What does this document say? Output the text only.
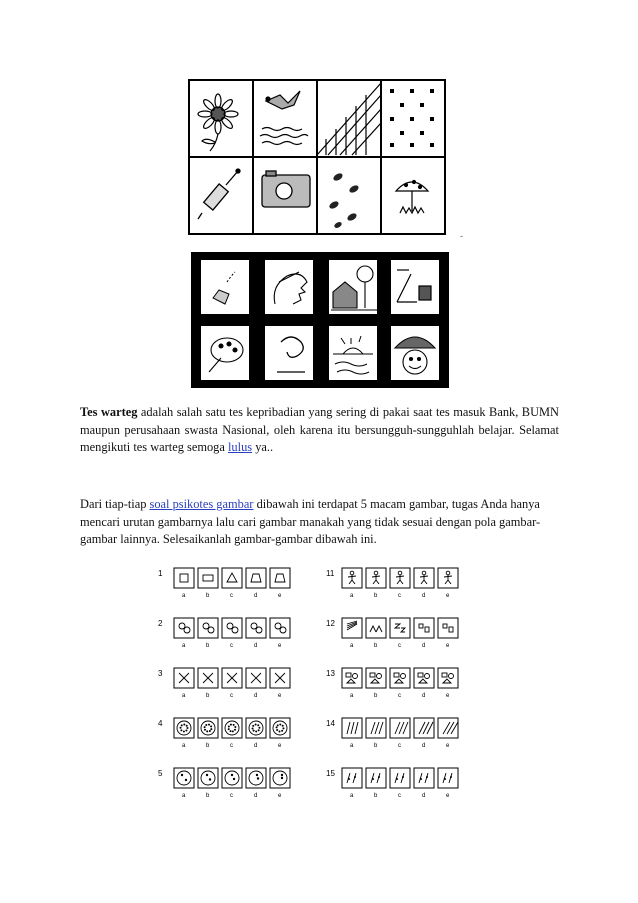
-
Tes warteg adalah salah satu tes kepribadian yang sering di pakai saat tes masuk Bank, BUMN maupun perusahaan swasta Nasional, oleh karena itu bersungguh-sungguhlah belajar. Selamat mengikuti tes warteg semoga lulus ya..
Dari tiap-tiap soal psikotes gambar dibawah ini terdapat 5 macam gambar, tugas Anda hanya mencari urutan gambarnya lalu cari gambar manakah yang tidak sesuai dengan pola gambar-gambar lainnya. Selesaikanlah gambar-gambar dibawah ini.
1
a	b	c	d	e
2
a	b	c	d	e
3
a	b	c	d	e
4
a	b	c	d	e
5
a	b	c	d	e
11
a	b	c	d	e
12
a	b	c	d	e
13
a	b	c	d	e
14
a	b	c	d	e
15
a	b	c	d	e
